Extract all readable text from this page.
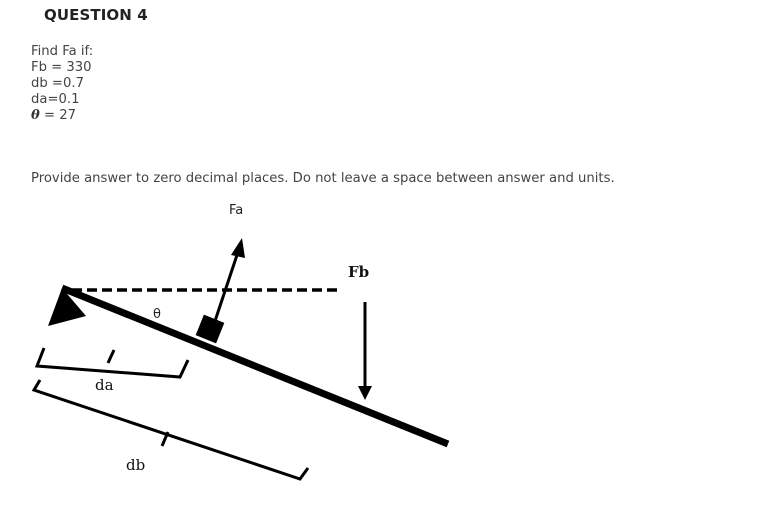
QUESTION 4
Find Fa if:
Fb = 330
db =0.7
da=0.1
θ = 27
Provide answer to zero decimal places. Do not leave a space between answer and units.
θ
Fa
Fb
da
db
